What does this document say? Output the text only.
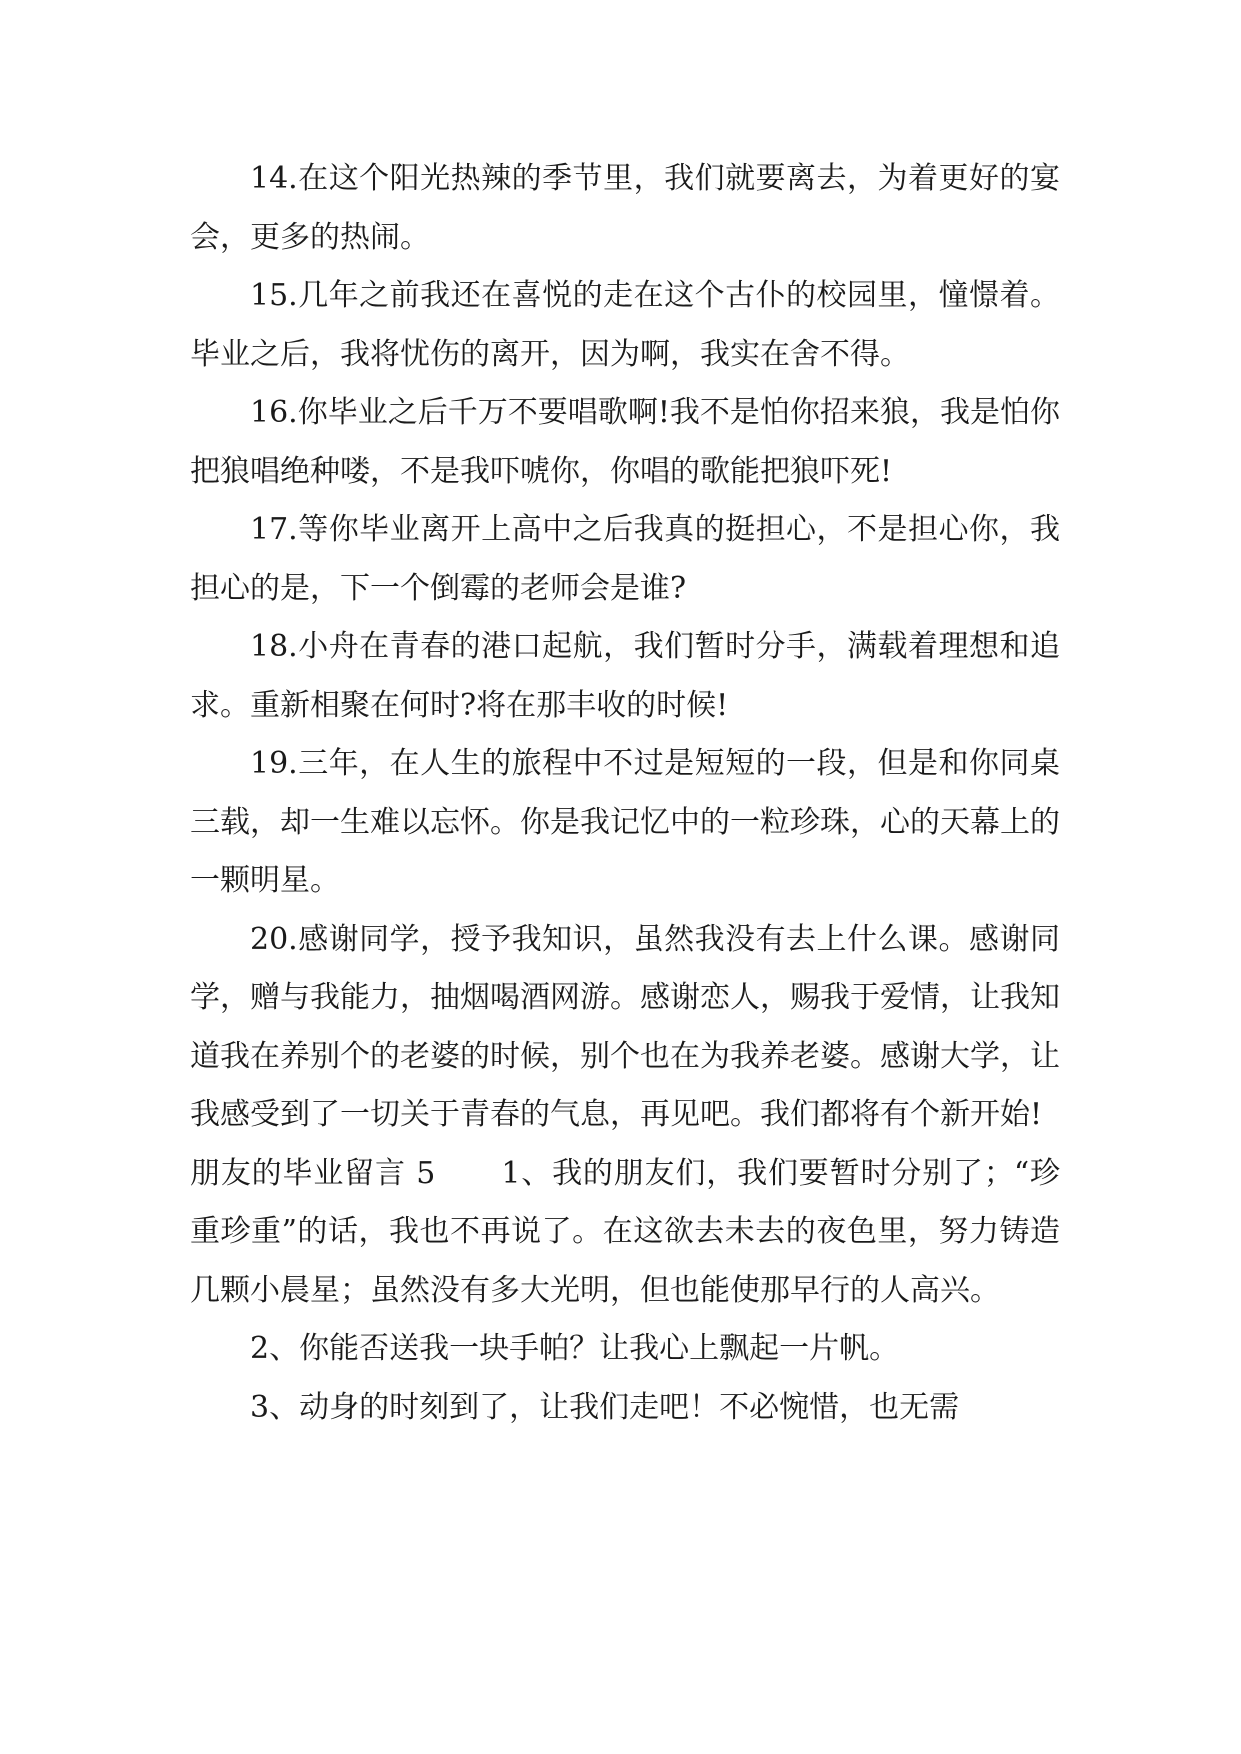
14.在这个阳光热辣的季节里，我们就要离去，为着更好的宴会，更多的热闹。

15.几年之前我还在喜悦的走在这个古仆的校园里，憧憬着。毕业之后，我将忧伤的离开，因为啊，我实在舍不得。

16.你毕业之后千万不要唱歌啊!我不是怕你招来狼，我是怕你把狼唱绝种喽，不是我吓唬你，你唱的歌能把狼吓死!

17.等你毕业离开上高中之后我真的挺担心，不是担心你，我担心的是，下一个倒霉的老师会是谁?

18.小舟在青春的港口起航，我们暂时分手，满载着理想和追求。重新相聚在何时?将在那丰收的时候!

19.三年，在人生的旅程中不过是短短的一段，但是和你同桌三载，却一生难以忘怀。你是我记忆中的一粒珍珠，心的天幕上的一颗明星。

20.感谢同学，授予我知识，虽然我没有去上什么课。感谢同学，赠与我能力，抽烟喝酒网游。感谢恋人，赐我于爱情，让我知道我在养别个的老婆的时候，别个也在为我养老婆。感谢大学，让我感受到了一切关于青春的气息，再见吧。我们都将有个新开始!

朋友的毕业留言 5 1、我的朋友们，我们要暂时分别了；“珍重珍重”的话，我也不再说了。在这欲去未去的夜色里，努力铸造几颗小晨星；虽然没有多大光明，但也能使那早行的人高兴。

2、你能否送我一块手帕？让我心上飘起一片帆。

3、动身的时刻到了，让我们走吧！不必惋惜，也无需
